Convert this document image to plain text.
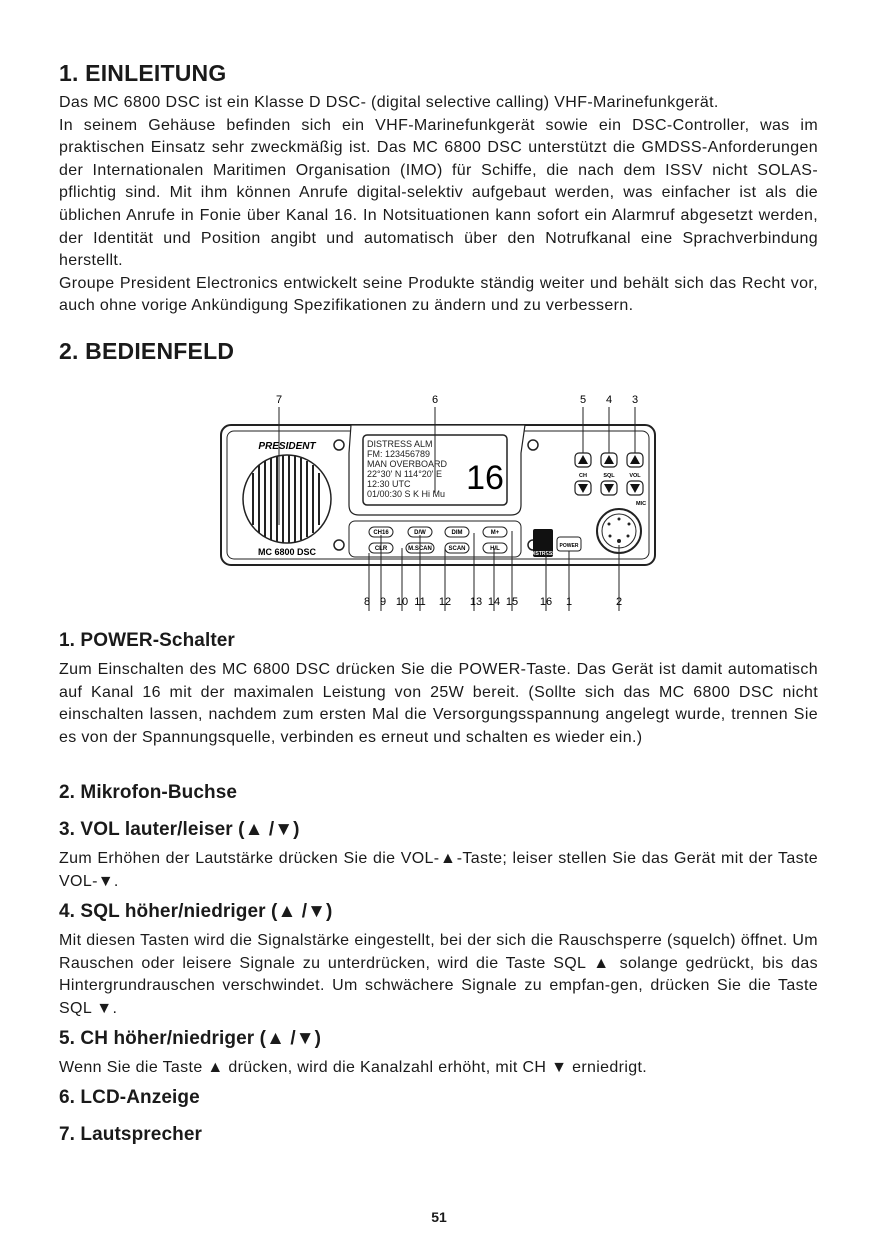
1. EINLEITUNG

Das MC 6800 DSC ist ein Klasse D DSC- (digital selective calling) VHF-Marinefunkgerät.

In seinem Gehäuse befinden sich ein VHF-Marinefunkgerät sowie ein DSC-Controller, was im praktischen Einsatz sehr zweckmäßig ist. Das MC 6800 DSC unterstützt die GMDSS-Anforderungen der Internationalen Maritimen Organisation (IMO) für Schiffe, die nach dem ISSV nicht SOLAS-pflichtig sind. Mit ihm können Anrufe digital-selektiv aufgebaut werden, was einfacher ist als die üblichen Anrufe in Fonie über Kanal 16. In Notsituationen kann sofort ein Alarmruf abgesetzt werden, der Identität und Position angibt und automatisch über den Notrufkanal eine Sprachverbindung herstellt.

Groupe President Electronics entwickelt seine Produkte ständig weiter und behält sich das Recht vor, auch ohne vorige Ankündigung Spezifikationen zu ändern und zu verbessern.

2. BEDIENFELD
7	6	5 4 3
PRESIDENT
MC 6800 DSC
DISTRESS ALM
FM: 123456789
MAN OVERBOARD
22°30' N 114°20' E
12:30 UTC
01/00:30 S K Hi Mu 16
CH16	D/W	DIM	M+
CLR	M.SCAN	SCAN	H/L
DISTRESS
POWER
CH	SQL	VOL
MIC
8 9 10 11 12 13 14 15 16 1	2
1. POWER-Schalter

Zum Einschalten des MC 6800 DSC drücken Sie die POWER-Taste. Das Gerät ist damit automatisch auf Kanal 16 mit der maximalen Leistung von 25W bereit. (Sollte sich das MC 6800 DSC nicht einschalten lassen, nachdem zum ersten Mal die Versorgungsspannung angelegt wurde, trennen Sie es von der Spannungsquelle, verbinden es erneut und schalten es wieder ein.)

2. Mikrofon-Buchse
3. VOL lauter/leiser (▲ /▼)

Zum Erhöhen der Lautstärke drücken Sie die VOL-▲-Taste; leiser stellen Sie das Gerät mit der Taste VOL-▼.

4. SQL höher/niedriger (▲ /▼)

Mit diesen Tasten wird die Signalstärke eingestellt, bei der sich die Rauschsperre (squelch) öffnet. Um Rauschen oder leisere Signale zu unterdrücken, wird die Taste SQL ▲ solange gedrückt, bis das Hintergrundrauschen verschwindet. Um schwächere Signale zu empfan-gen, drücken Sie die Taste SQL ▼.

5. CH höher/niedriger (▲ /▼)

Wenn Sie die Taste ▲ drücken, wird die Kanalzahl erhöht, mit CH ▼ erniedrigt.

6. LCD-Anzeige
7. Lautsprecher
51
